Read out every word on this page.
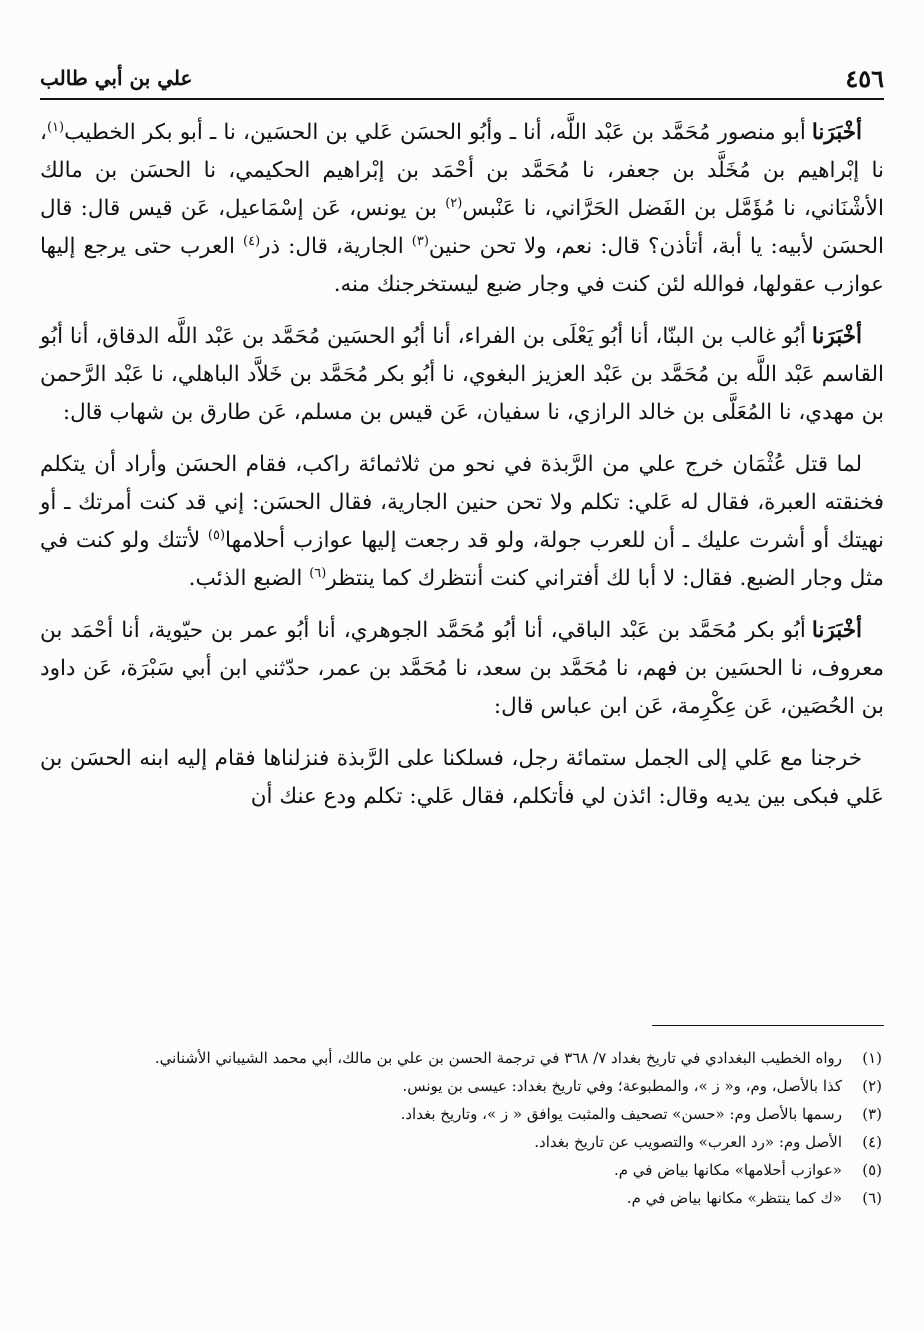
٤٥٦
علي بن أبي طالب

أخْبَرَناأبو منصور مُحَمَّد بن عَبْد اللَّه، أنا ـ وأبُو الحسَن عَلي بن الحسَين، نا ـ أبو بكر الخطيب$^{(١)}$، نا إبْراهيم بن مُخَلَّد بن جعفر، نا مُحَمَّد بن أحْمَد بن إبْراهيم الحكيمي، نا الحسَن بن مالك الأشْنَاني، نا مُؤَمَّل بن الفَضل الحَرَّاني، نا عَنْبس$^{(٢)}$ بن يونس، عَن إسْمَاعيل، عَن قيس قال: قال الحسَن لأبيه: يا أبة، أتأذن؟ قال: نعم، ولا تحن حنين$^{(٣)}$ الجارية، قال: ذر$^{(٤)}$ العرب حتى يرجع إليها عوازب عقولها، فوالله لئن كنت في وجار ضبع ليستخرجنك منه.

أخْبَرَناأبُو غالب بن البنّا، أنا أبُو يَعْلَى بن الفراء، أنا أبُو الحسَين مُحَمَّد بن عَبْد اللَّه الدقاق، أنا أبُو القاسم عَبْد اللَّه بن مُحَمَّد بن عَبْد العزيز البغوي، نا أبُو بكر مُحَمَّد بن خَلاَّد الباهلي، نا عَبْد الرَّحمن بن مهدي، نا المُعَلَّى بن خالد الرازي، نا سفيان، عَن قيس بن مسلم، عَن طارق بن شهاب قال:

لما قتل عُثْمَان خرج علي من الرَّبذة في نحو من ثلاثمائة راكب، فقام الحسَن وأراد أن يتكلم فخنقته العبرة، فقال له عَلي: تكلم ولا تحن حنين الجارية، فقال الحسَن: إني قد كنت أمرتك ـ أو نهيتك أو أشرت عليك ـ أن للعرب جولة، ولو قد رجعت إليها عوازب أحلامها$^{(٥)}$ لأتتك ولو كنت في مثل وجار الضبع. فقال: لا أبا لك أفتراني كنت أنتظرك كما ينتظر$^{(٦)}$ الضبع الذئب.

أخْبَرَناأبُو بكر مُحَمَّد بن عَبْد الباقي، أنا أبُو مُحَمَّد الجوهري، أنا أبُو عمر بن حيّوية، أنا أحْمَد بن معروف، نا الحسَين بن فهم، نا مُحَمَّد بن سعد، نا مُحَمَّد بن عمر، حدّثني ابن أبي سَبْرَة، عَن داود بن الحُصَين، عَن عِكْرِمة، عَن ابن عباس قال:

خرجنا مع عَلي إلى الجمل ستمائة رجل، فسلكنا على الرَّبذة فنزلناها فقام إليه ابنه الحسَن بن عَلي فبكى بين يديه وقال: ائذن لي فأتكلم، فقال عَلي: تكلم ودع عنك أن

(١)
رواه الخطيب البغدادي في تاريخ بغداد ٧/ ٣٦٨ في ترجمة الحسن بن علي بن مالك، أبي محمد الشيباني الأشناني.
(٢)
كذا بالأصل، وم، و« ز »، والمطبوعة؛ وفي تاريخ بغداد: عيسى بن يونس.
(٣)
رسمها بالأصل وم: «حسن» تصحيف والمثبت يوافق « ز »، وتاريخ بغداد.
(٤)
الأصل وم: «رد العرب» والتصويب عن تاريخ بغداد.
(٥)
«عوازب أحلامها» مكانها بياض في م.
(٦)
«ك كما ينتظر» مكانها بياض في م.
